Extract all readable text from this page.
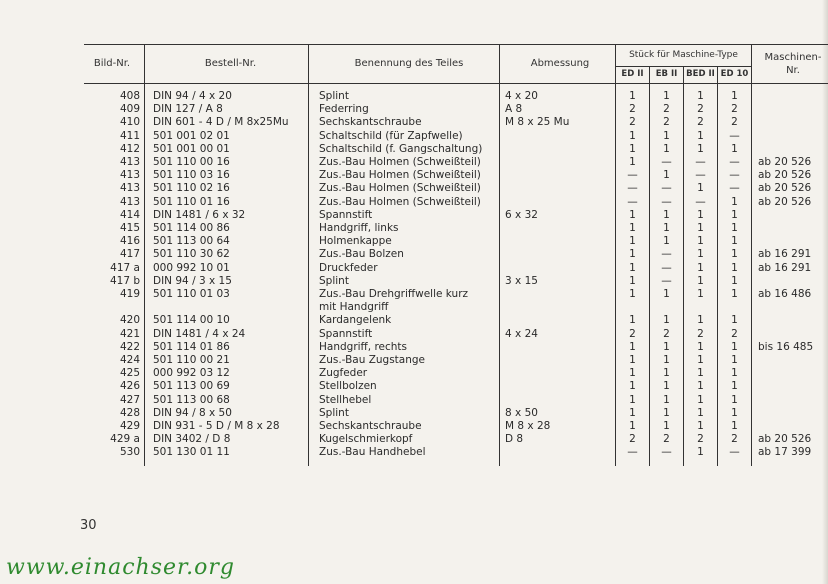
Bild-Nr.	Bestell-Nr.	Benennung des Teiles	Abmessung	Stück für Maschine-Type				Maschinen-Nr.
				ED II	EB II	BED II	ED 10	

408	DIN 94 / 4 x 20	Splint	4 x 20	1	1	1	1	
409	DIN 127 / A 8	Federring	A 8	2	2	2	2	
410	DIN 601 - 4 D / M 8x25Mu	Sechskantschraube	M 8 x 25 Mu	2	2	2	2	
411	501 001 02 01	Schaltschild (für Zapfwelle)		1	1	1	—	
412	501 001 00 01	Schaltschild (f. Gangschaltung)		1	1	1	1	
413	501 110 00 16	Zus.-Bau Holmen (Schweißteil)		1	—	—	—	ab 20 526
413	501 110 03 16	Zus.-Bau Holmen (Schweißteil)		—	1	—	—	ab 20 526
413	501 110 02 16	Zus.-Bau Holmen (Schweißteil)		—	—	1	—	ab 20 526
413	501 110 01 16	Zus.-Bau Holmen (Schweißteil)		—	—	—	1	ab 20 526
414	DIN 1481 / 6 x 32	Spannstift	6 x 32	1	1	1	1	
415	501 114 00 86	Handgriff, links		1	1	1	1	
416	501 113 00 64	Holmenkappe		1	1	1	1	
417	501 110 30 62	Zus.-Bau Bolzen		1	—	1	1	ab 16 291
417 a	000 992 10 01	Druckfeder		1	—	1	1	ab 16 291
417 b	DIN 94 / 3 x 15	Splint	3 x 15	1	—	1	1	
419	501 110 01 03	Zus.-Bau Drehgriffwelle kurz		1	1	1	1	ab 16 486
		mit Handgriff						
420	501 114 00 10	Kardangelenk		1	1	1	1	
421	DIN 1481 / 4 x 24	Spannstift	4 x 24	2	2	2	2	
422	501 114 01 86	Handgriff, rechts		1	1	1	1	bis 16 485
424	501 110 00 21	Zus.-Bau Zugstange		1	1	1	1	
425	000 992 03 12	Zugfeder		1	1	1	1	
426	501 113 00 69	Stellbolzen		1	1	1	1	
427	501 113 00 68	Stellhebel		1	1	1	1	
428	DIN 94 / 8 x 50	Splint	8 x 50	1	1	1	1	
429	DIN 931 - 5 D / M 8 x 28	Sechskantschraube	M 8 x 28	1	1	1	1	
429 a	DIN 3402 / D 8	Kugelschmierkopf	D 8	2	2	2	2	ab 20 526
530	501 130 01 11	Zus.-Bau Handhebel		—	—	1	—	ab 17 399

30
www.einachser.org
